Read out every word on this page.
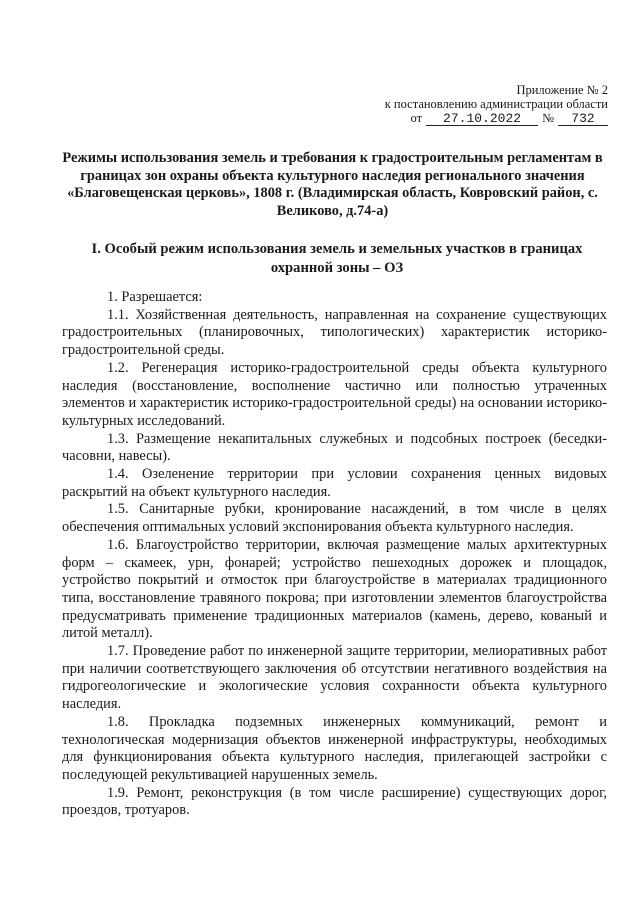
Приложение № 2
к постановлению администрации области
от	27.10.2022	№	732
Режимы использования земель и требования к градостроительным регламентам в границах зон охраны объекта культурного наследия регионального значения «Благовещенская церковь», 1808 г. (Владимирская область, Ковровский район, с. Великово, д.74-а)
I. Особый режим использования земель и земельных участков в границах охранной зоны – ОЗ

1. Разрешается:

1.1. Хозяйственная деятельность, направленная на сохранение существующих градостроительных (планировочных, типологических) характеристик историко-градостроительной среды.

1.2. Регенерация историко-градостроительной среды объекта культурного наследия (восстановление, восполнение частично или полностью утраченных элементов и характеристик историко-градостроительной среды) на основании историко-культурных исследований.

1.3. Размещение некапитальных служебных и подсобных построек (беседки-часовни, навесы).

1.4. Озеленение территории при условии сохранения ценных видовых раскрытий на объект культурного наследия.

1.5. Санитарные рубки, кронирование насаждений, в том числе в целях обеспечения оптимальных условий экспонирования объекта культурного наследия.

1.6. Благоустройство территории, включая размещение малых архитектурных форм – скамеек, урн, фонарей; устройство пешеходных дорожек и площадок, устройство покрытий и отмосток при благоустройстве в материалах традиционного типа, восстановление травяного покрова; при изготовлении элементов благоустройства предусматривать применение традиционных материалов (камень, дерево, кованый и литой металл).

1.7. Проведение работ по инженерной защите территории, мелиоративных работ при наличии соответствующего заключения об отсутствии негативного воздействия на гидрогеологические и экологические условия сохранности объекта культурного наследия.

1.8. Прокладка подземных инженерных коммуникаций, ремонт и технологическая модернизация объектов инженерной инфраструктуры, необходимых для функционирования объекта культурного наследия, прилегающей застройки с последующей рекультивацией нарушенных земель.

1.9. Ремонт, реконструкция (в том числе расширение) существующих дорог, проездов, тротуаров.
